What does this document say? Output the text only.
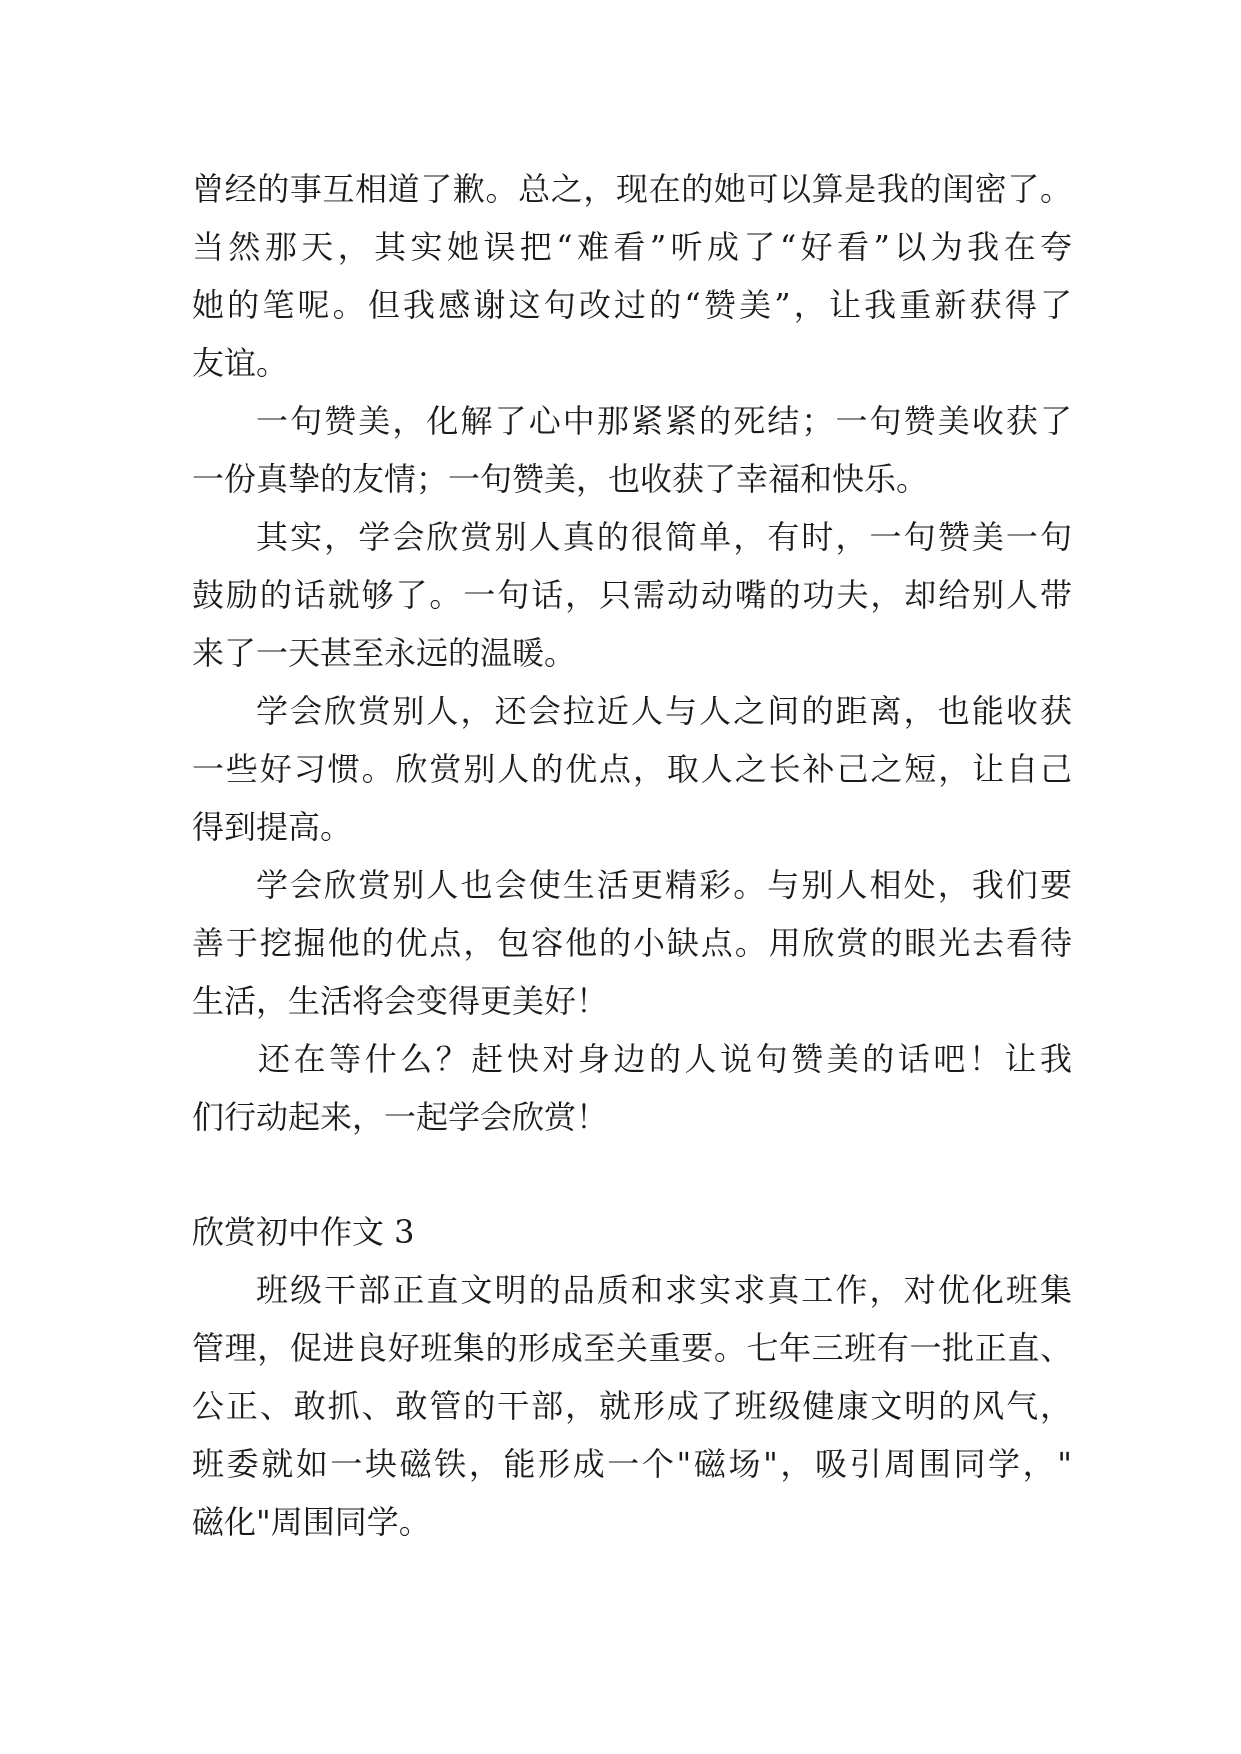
曾经的事互相道了歉。总之，现在的她可以算是我的闺密了。
当然那天，其实她误把“难看”听成了“好看”以为我在夸
她的笔呢。但我感谢这句改过的“赞美”，让我重新获得了
友谊。
一句赞美，化解了心中那紧紧的死结；一句赞美收获了
一份真挚的友情；一句赞美，也收获了幸福和快乐。
其实，学会欣赏别人真的很简单，有时，一句赞美一句
鼓励的话就够了。一句话，只需动动嘴的功夫，却给别人带
来了一天甚至永远的温暖。
学会欣赏别人，还会拉近人与人之间的距离，也能收获
一些好习惯。欣赏别人的优点，取人之长补己之短，让自己
得到提高。
学会欣赏别人也会使生活更精彩。与别人相处，我们要
善于挖掘他的优点，包容他的小缺点。用欣赏的眼光去看待
生活，生活将会变得更美好！
还在等什么？赶快对身边的人说句赞美的话吧！让我
们行动起来，一起学会欣赏！
欣赏初中作文 3
班级干部正直文明的品质和求实求真工作，对优化班集
管理，促进良好班集的形成至关重要。七年三班有一批正直、
公正、敢抓、敢管的干部，就形成了班级健康文明的风气，
班委就如一块磁铁，能形成一个"磁场"，吸引周围同学，"
磁化"周围同学。
